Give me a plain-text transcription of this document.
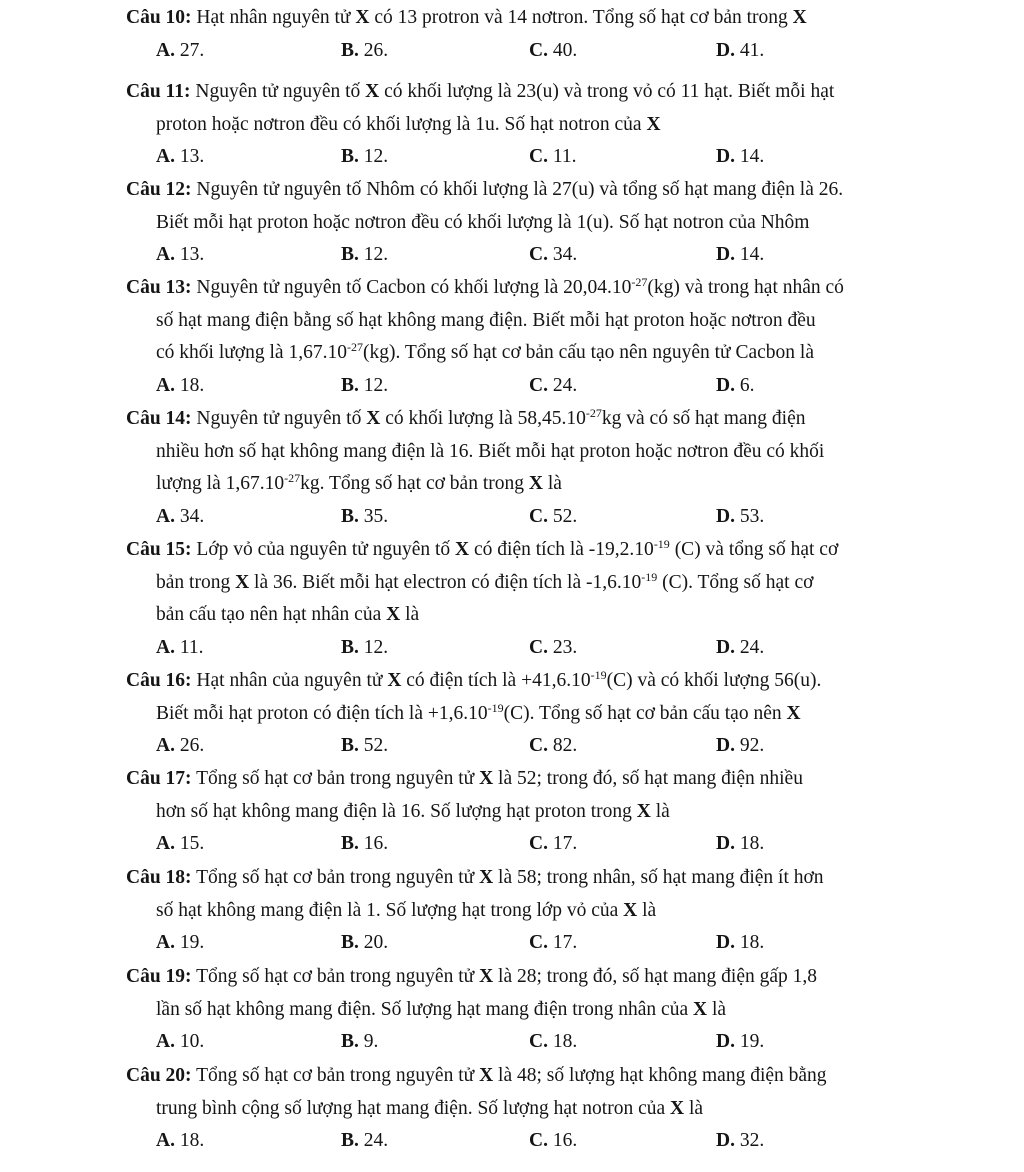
Câu 10: Hạt nhân nguyên tử X có 13 protron và 14 nơtron. Tổng số hạt cơ bản trong X
A. 27.	B. 26.	C. 40.	D. 41.
Câu 11: Nguyên tử nguyên tố X có khối lượng là 23(u) và trong vỏ có 11 hạt. Biết mỗi hạt
proton hoặc nơtron đều có khối lượng là 1u. Số hạt notron của X
A. 13.	B. 12.	C. 11.	D. 14.
Câu 12: Nguyên tử nguyên tố Nhôm có khối lượng là 27(u) và tổng số hạt mang điện là 26.
Biết mỗi hạt proton hoặc nơtron đều có khối lượng là 1(u). Số hạt notron của Nhôm
A. 13.	B. 12.	C. 34.	D. 14.
Câu 13: Nguyên tử nguyên tố Cacbon có khối lượng là $20,04.10^{-27}(kg)$ và trong hạt nhân có
số hạt mang điện bằng số hạt không mang điện. Biết mỗi hạt proton hoặc nơtron đều
có khối lượng là $1,67.10^{-27}(kg)$. Tổng số hạt cơ bản cấu tạo nên nguyên tử Cacbon là
A. 18.	B. 12.	C. 24.	D. 6.
Câu 14: Nguyên tử nguyên tố X có khối lượng là $58,45.10^{-27}kg$ và có số hạt mang điện
nhiều hơn số hạt không mang điện là 16. Biết mỗi hạt proton hoặc nơtron đều có khối
lượng là $1,67.10^{-27}kg$. Tổng số hạt cơ bản trong X là
A. 34.	B. 35.	C. 52.	D. 53.
Câu 15: Lớp vỏ của nguyên tử nguyên tố X có điện tích là $-19,2.10^{-19}$ (C) và tổng số hạt cơ
bản trong X là 36. Biết mỗi hạt electron có điện tích là $-1,6.10^{-19}$ (C). Tổng số hạt cơ
bản cấu tạo nên hạt nhân của X là
A. 11.	B. 12.	C. 23.	D. 24.
Câu 16: Hạt nhân của nguyên tử X có điện tích là $+41,6.10^{-19}(C)$ và có khối lượng 56(u).
Biết mỗi hạt proton có điện tích là $+1,6.10^{-19}(C)$. Tổng số hạt cơ bản cấu tạo nên X
A. 26.	B. 52.	C. 82.	D. 92.
Câu 17: Tổng số hạt cơ bản trong nguyên tử X là 52; trong đó, số hạt mang điện nhiều
hơn số hạt không mang điện là 16. Số lượng hạt proton trong X là
A. 15.	B. 16.	C. 17.	D. 18.
Câu 18: Tổng số hạt cơ bản trong nguyên tử X là 58; trong nhân, số hạt mang điện ít hơn
số hạt không mang điện là 1. Số lượng hạt trong lớp vỏ của X là
A. 19.	B. 20.	C. 17.	D. 18.
Câu 19: Tổng số hạt cơ bản trong nguyên tử X là 28; trong đó, số hạt mang điện gấp 1,8
lần số hạt không mang điện. Số lượng hạt mang điện trong nhân của X là
A. 10.	B. 9.	C. 18.	D. 19.
Câu 20: Tổng số hạt cơ bản trong nguyên tử X là 48; số lượng hạt không mang điện bằng
trung bình cộng số lượng hạt mang điện. Số lượng hạt notron của X là
A. 18.	B. 24.	C. 16.	D. 32.
